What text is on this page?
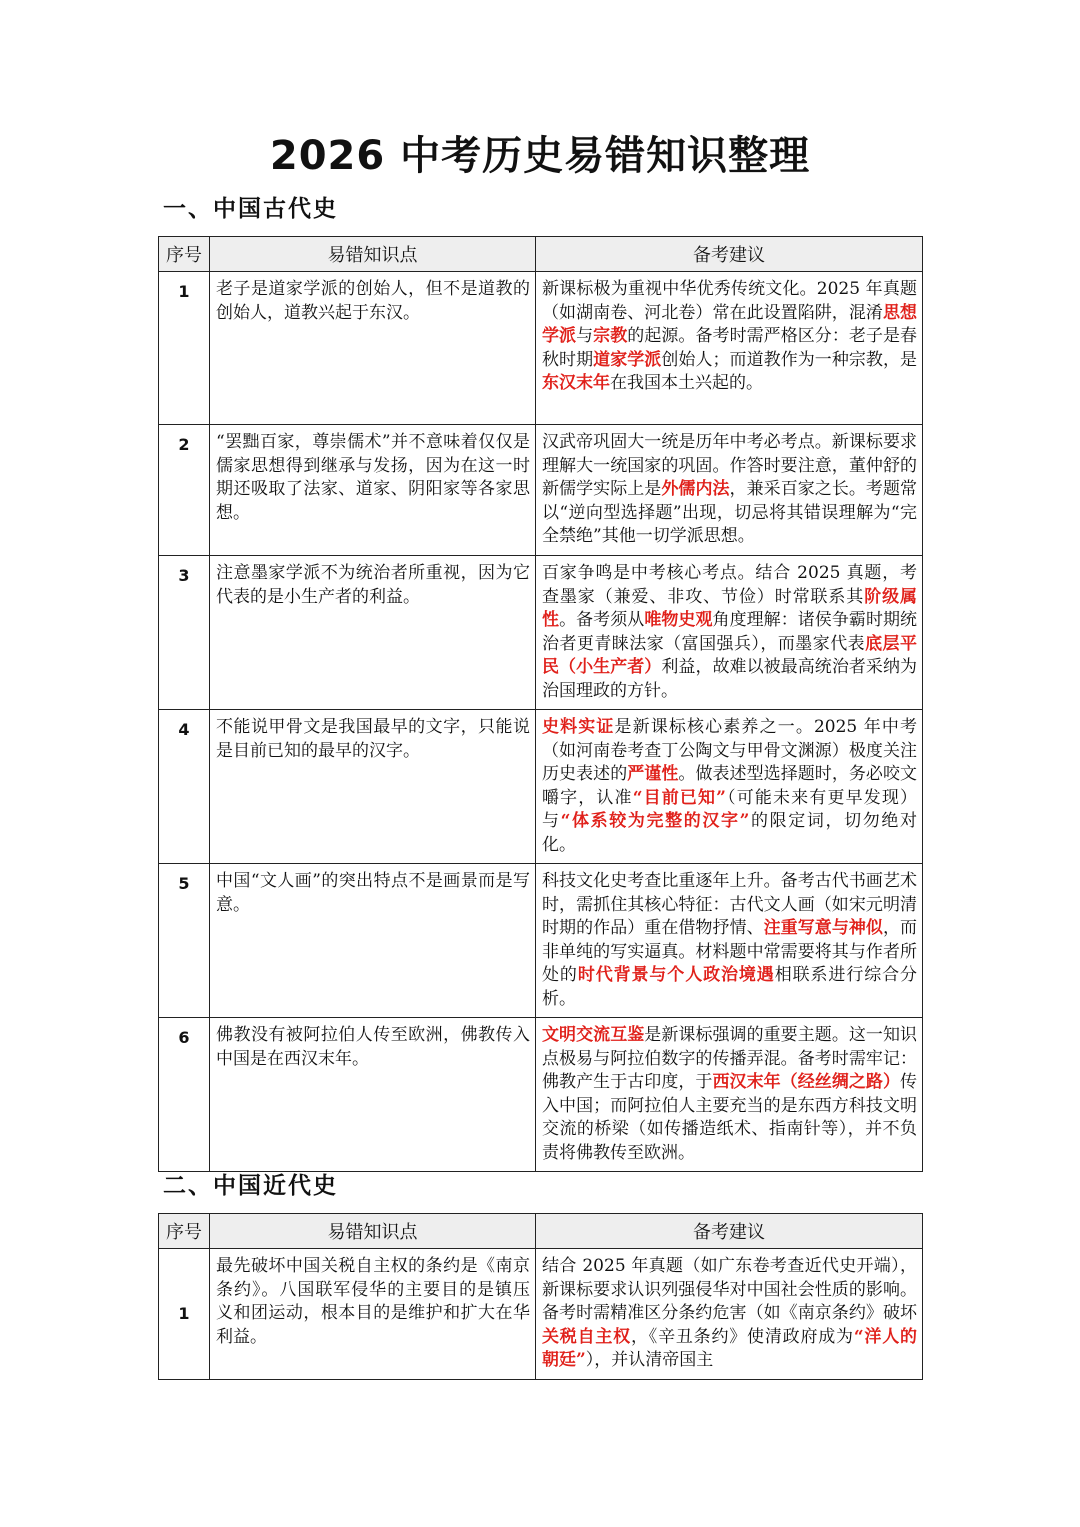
2026 中考历史易错知识整理
一、中国古代史
序号	易错知识点	备考建议
1	老子是道家学派的创始人，但不是道教的创始人，道教兴起于东汉。	新课标极为重视中华优秀传统文化。2025 年真题（如湖南卷、河北卷）常在此设置陷阱，混淆思想学派与宗教的起源。备考时需严格区分：老子是春秋时期道家学派创始人；而道教作为一种宗教，是东汉末年在我国本土兴起的。
2	“罢黜百家，尊崇儒术”并不意味着仅仅是儒家思想得到继承与发扬，因为在这一时期还吸取了法家、道家、阴阳家等各家思想。	汉武帝巩固大一统是历年中考必考点。新课标要求理解大一统国家的巩固。作答时要注意，董仲舒的新儒学实际上是外儒内法，兼采百家之长。考题常以“逆向型选择题”出现，切忌将其错误理解为“完全禁绝”其他一切学派思想。
3	注意墨家学派不为统治者所重视，因为它代表的是小生产者的利益。	百家争鸣是中考核心考点。结合 2025 真题，考查墨家（兼爱、非攻、节俭）时常联系其阶级属性。备考须从唯物史观角度理解：诸侯争霸时期统治者更青睐法家（富国强兵），而墨家代表底层平民（小生产者）利益，故难以被最高统治者采纳为治国理政的方针。
4	不能说甲骨文是我国最早的文字，只能说是目前已知的最早的汉字。	史料实证是新课标核心素养之一。2025 年中考（如河南卷考查丁公陶文与甲骨文渊源）极度关注历史表述的严谨性。做表述型选择题时，务必咬文嚼字，认准“目前已知”（可能未来有更早发现）与“体系较为完整的汉字”的限定词，切勿绝对化。
5	中国“文人画”的突出特点不是画景而是写意。	科技文化史考查比重逐年上升。备考古代书画艺术时，需抓住其核心特征：古代文人画（如宋元明清时期的作品）重在借物抒情、注重写意与神似，而非单纯的写实逼真。材料题中常需要将其与作者所处的时代背景与个人政治境遇相联系进行综合分析。
6	佛教没有被阿拉伯人传至欧洲，佛教传入中国是在西汉末年。	文明交流互鉴是新课标强调的重要主题。这一知识点极易与阿拉伯数字的传播弄混。备考时需牢记：佛教产生于古印度，于西汉末年（经丝绸之路）传入中国；而阿拉伯人主要充当的是东西方科技文明交流的桥梁（如传播造纸术、指南针等），并不负责将佛教传至欧洲。
二、中国近代史
序号	易错知识点	备考建议
1	最先破坏中国关税自主权的条约是《南京条约》。八国联军侵华的主要目的是镇压义和团运动，根本目的是维护和扩大在华利益。	结合 2025 年真题（如广东卷考查近代史开端），新课标要求认识列强侵华对中国社会性质的影响。备考时需精准区分条约危害（如《南京条约》破坏关税自主权，《辛丑条约》使清政府成为“洋人的朝廷”），并认清帝国主
